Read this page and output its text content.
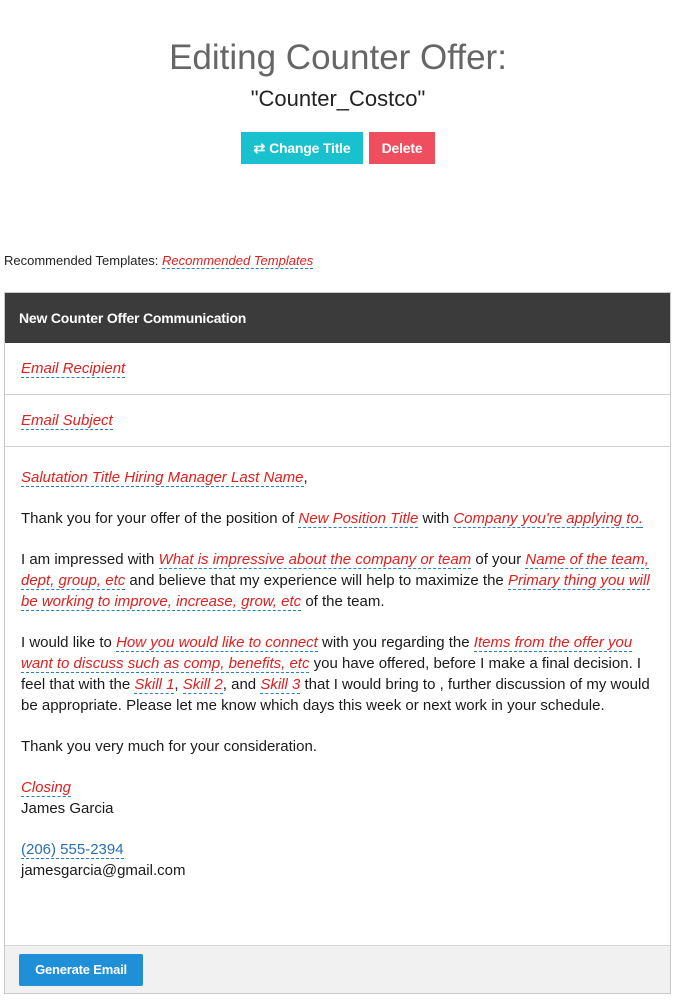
Editing Counter Offer:
"Counter_Costco"
⇄ Change Title	Delete
Recommended Templates: Recommended Templates
New Counter Offer Communication
Email Recipient
Email Subject

Salutation Title Hiring Manager Last Name,

Thank you for your offer of the position of New Position Title with Company you're applying to.

I am impressed with What is impressive about the company or team of your Name of the team, dept, group, etc and believe that my experience will help to maximize the Primary thing you will be working to improve, increase, grow, etc of the team.

I would like to How you would like to connect with you regarding the Items from the offer you want to discuss such as comp, benefits, etc you have offered, before I make a final decision. I feel that with the Skill 1, Skill 2, and Skill 3 that I would bring to , further discussion of my would be appropriate. Please let me know which days this week or next work in your schedule.

Thank you very much for your consideration.

Closing

James Garcia

(206) 555-2394

jamesgarcia@gmail.com

Generate Email
